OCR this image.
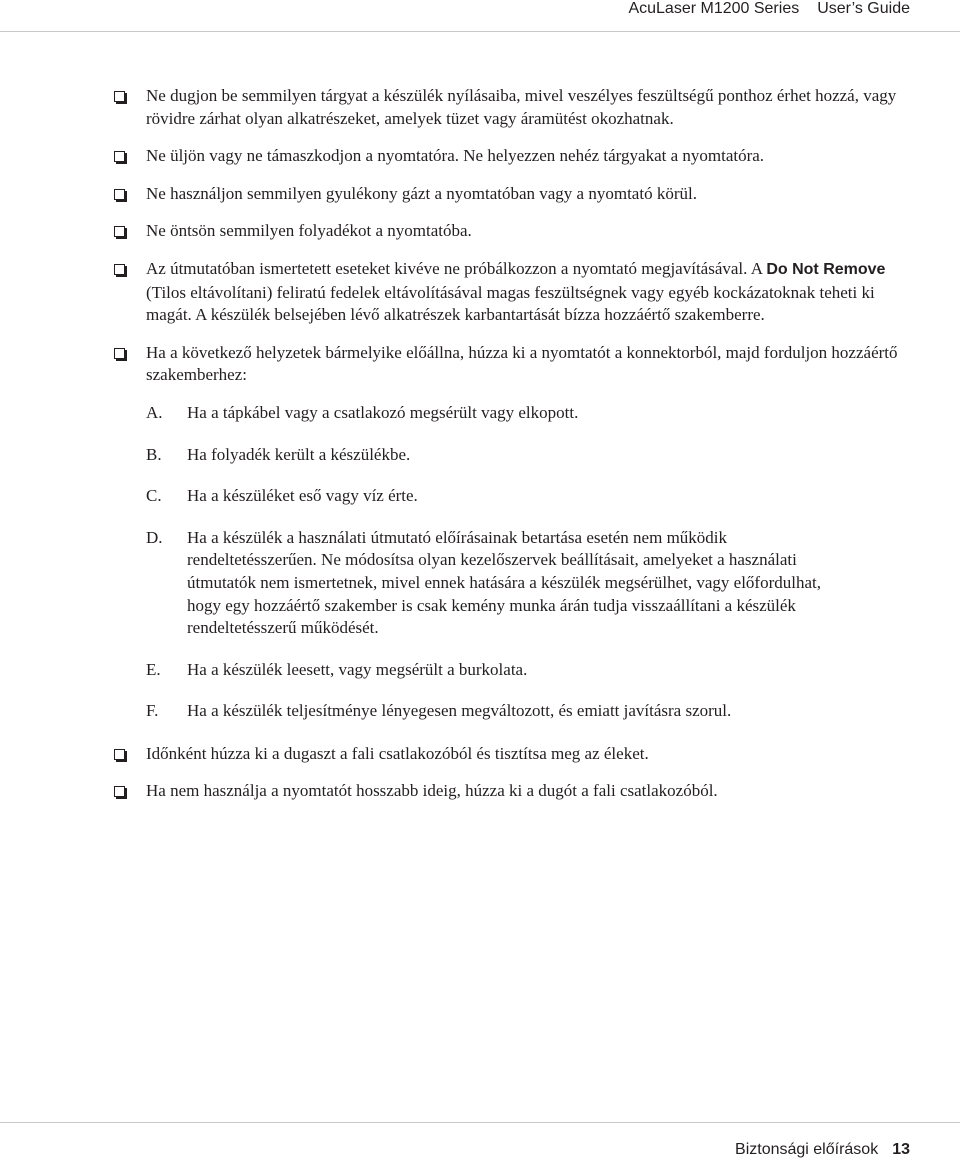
AcuLaser M1200 Series User’s Guide
Ne dugjon be semmilyen tárgyat a készülék nyílásaiba, mivel veszélyes feszültségű ponthoz érhet hozzá, vagy rövidre zárhat olyan alkatrészeket, amelyek tüzet vagy áramütést okozhatnak.
Ne üljön vagy ne támaszkodjon a nyomtatóra. Ne helyezzen nehéz tárgyakat a nyomtatóra.
Ne használjon semmilyen gyulékony gázt a nyomtatóban vagy a nyomtató körül.
Ne öntsön semmilyen folyadékot a nyomtatóba.
Az útmutatóban ismertetett eseteket kivéve ne próbálkozzon a nyomtató megjavításával. A Do Not Remove (Tilos eltávolítani) feliratú fedelek eltávolításával magas feszültségnek vagy egyéb kockázatoknak teheti ki magát. A készülék belsejében lévő alkatrészek karbantartását bízza hozzáértő szakemberre.
Ha a következő helyzetek bármelyike előállna, húzza ki a nyomtatót a konnektorból, majd forduljon hozzáértő szakemberhez:
A.	Ha a tápkábel vagy a csatlakozó megsérült vagy elkopott.
B.	Ha folyadék került a készülékbe.
C.	Ha a készüléket eső vagy víz érte.
D.	Ha a készülék a használati útmutató előírásainak betartása esetén nem működik rendeltetésszerűen. Ne módosítsa olyan kezelőszervek beállításait, amelyeket a használati útmutatók nem ismertetnek, mivel ennek hatására a készülék megsérülhet, vagy előfordulhat, hogy egy hozzáértő szakember is csak kemény munka árán tudja visszaállítani a készülék rendeltetésszerű működését.
E.	Ha a készülék leesett, vagy megsérült a burkolata.
F.	Ha a készülék teljesítménye lényegesen megváltozott, és emiatt javításra szorul.
Időnként húzza ki a dugaszt a fali csatlakozóból és tisztítsa meg az éleket.
Ha nem használja a nyomtatót hosszabb ideig, húzza ki a dugót a fali csatlakozóból.
Biztonsági előírások 13
